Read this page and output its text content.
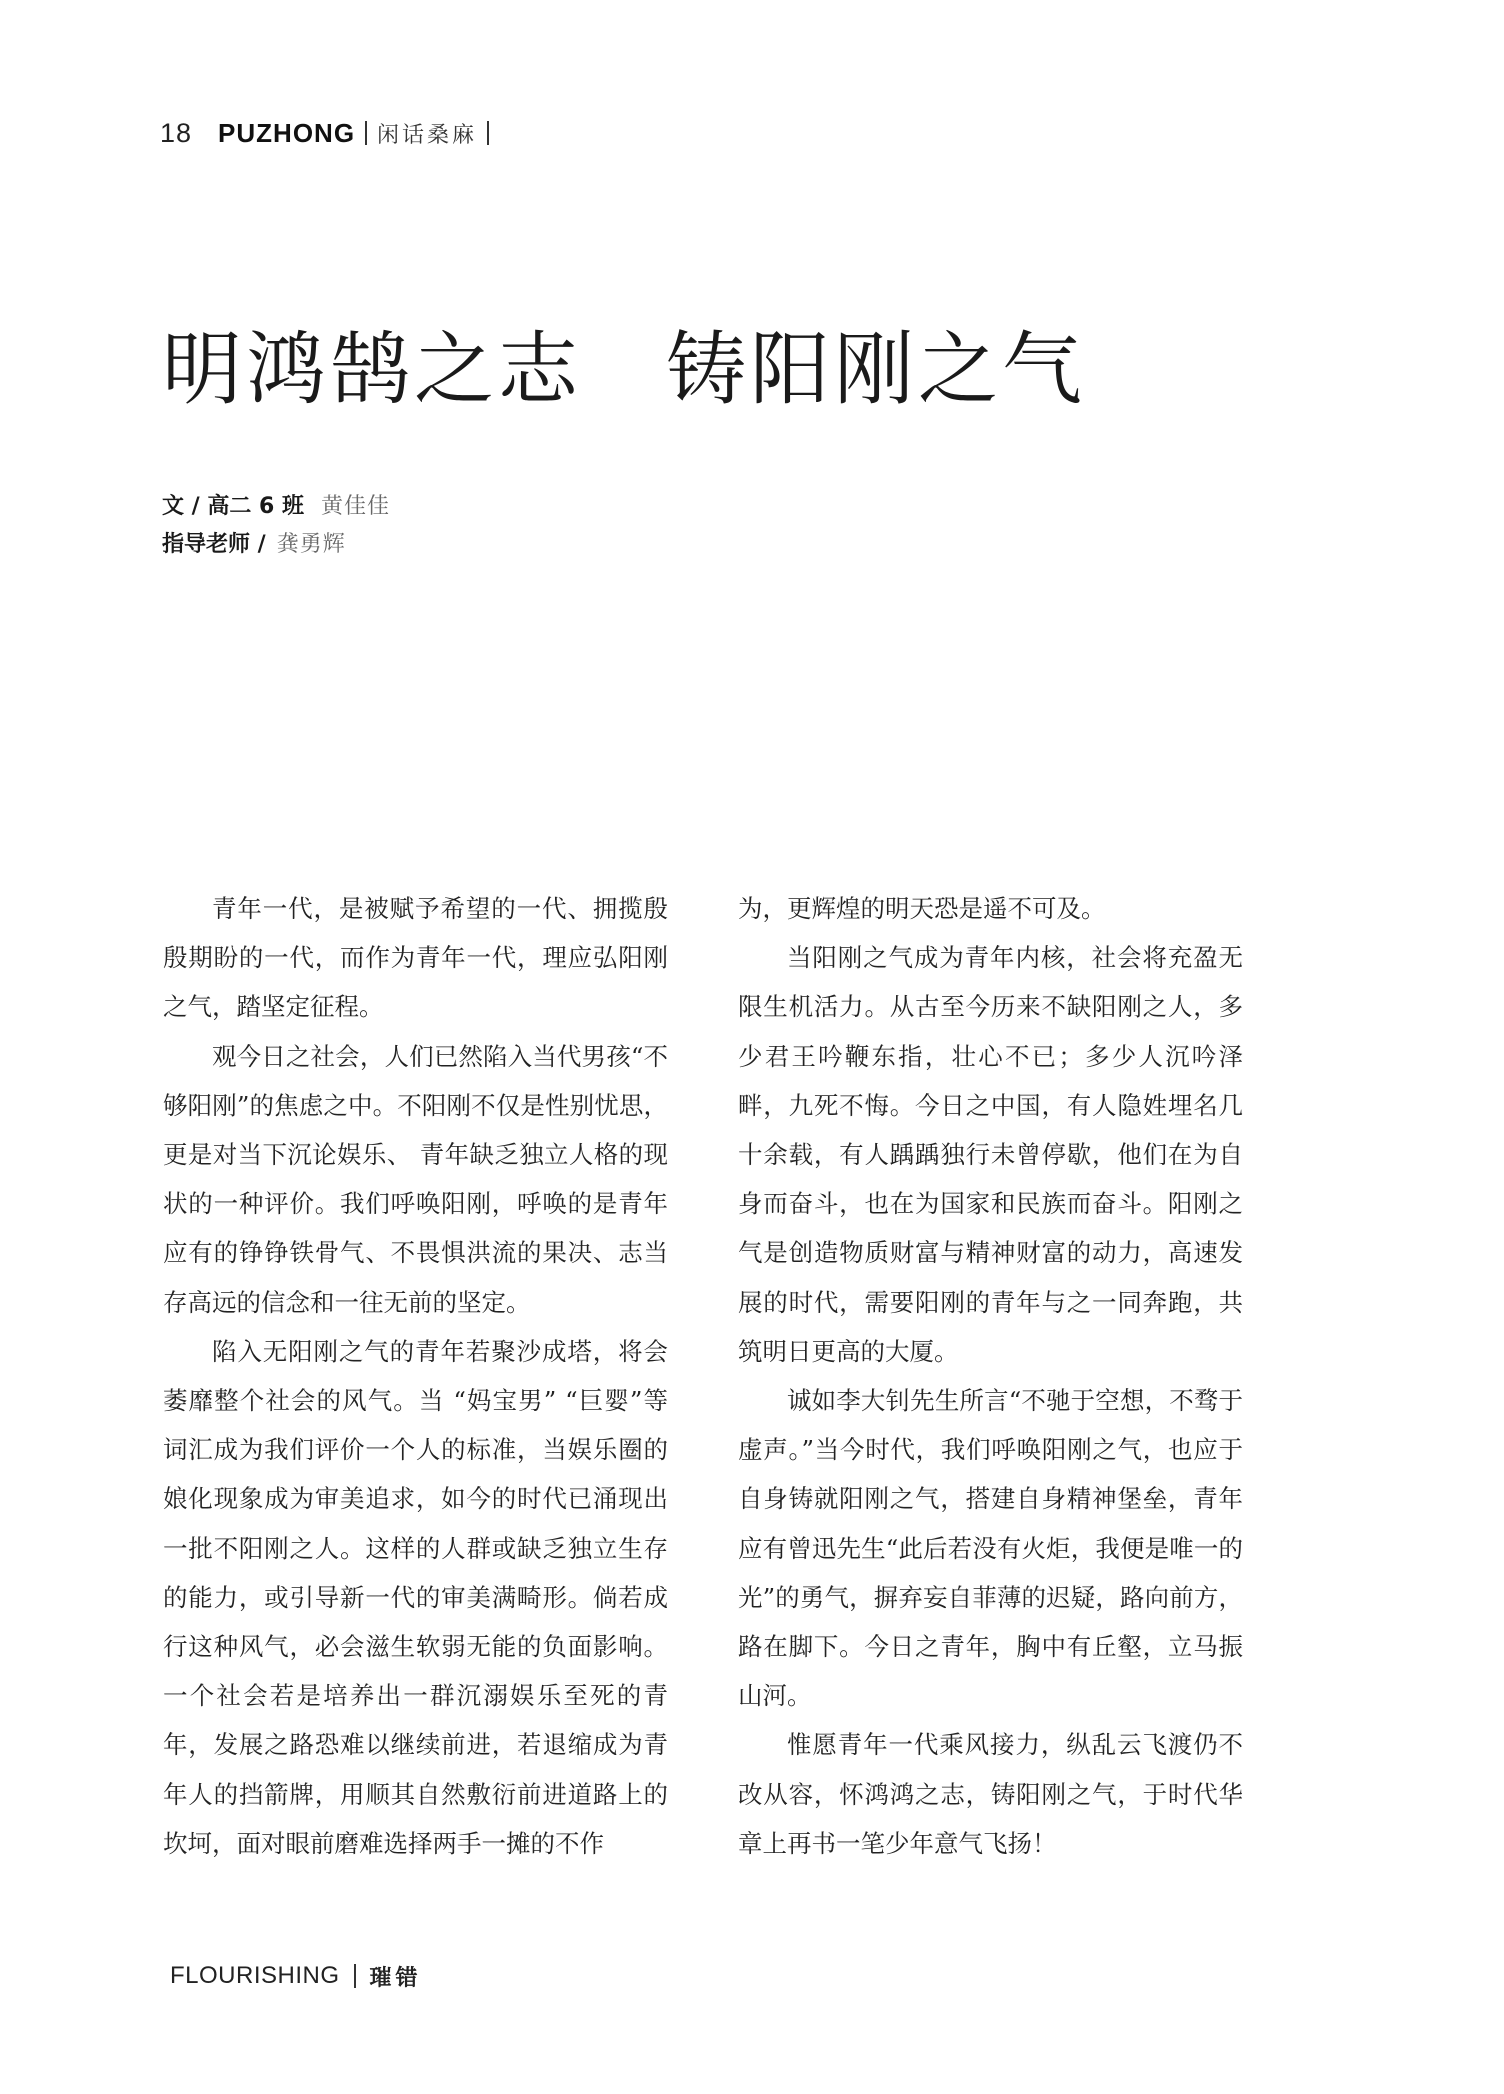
18 PUZHONG 闲话桑麻
明鸿鹄之志　铸阳刚之气
文 / 高二 6 班 黄佳佳
指导老师 / 龚勇辉

青年一代，是被赋予希望的一代、拥揽殷殷期盼的一代，而作为青年一代，理应弘阳刚之气，踏坚定征程。

观今日之社会，人们已然陷入当代男孩“不够阳刚”的焦虑之中。不阳刚不仅是性别忧思，更是对当下沉论娱乐、 青年缺乏独立人格的现状的一种评价。我们呼唤阳刚，呼唤的是青年应有的铮铮铁骨气、不畏惧洪流的果决、志当存高远的信念和一往无前的坚定。

陷入无阳刚之气的青年若聚沙成塔，将会萎靡整个社会的风气。当 “妈宝男” “巨婴”等词汇成为我们评价一个人的标准，当娱乐圈的娘化现象成为审美追求，如今的时代已涌现出一批不阳刚之人。这样的人群或缺乏独立生存的能力，或引导新一代的审美满畸形。倘若成行这种风气，必会滋生软弱无能的负面影响。一个社会若是培养出一群沉溺娱乐至死的青年，发展之路恐难以继续前进，若退缩成为青年人的挡箭牌，用顺其自然敷衍前进道路上的坎坷，面对眼前磨难选择两手一摊的不作

为，更辉煌的明天恐是遥不可及。

当阳刚之气成为青年内核，社会将充盈无限生机活力。从古至今历来不缺阳刚之人，多少君王吟鞭东指，壮心不已；多少人沉吟泽畔，九死不悔。今日之中国，有人隐姓埋名几十余载，有人踽踽独行未曾停歇，他们在为自身而奋斗，也在为国家和民族而奋斗。阳刚之气是创造物质财富与精神财富的动力，高速发展的时代，需要阳刚的青年与之一同奔跑，共筑明日更高的大厦。

诚如李大钊先生所言“不驰于空想，不骛于虚声。”当今时代，我们呼唤阳刚之气，也应于自身铸就阳刚之气，搭建自身精神堡垒，青年应有曾迅先生“此后若没有火炬，我便是唯一的光”的勇气，摒弃妄自菲薄的迟疑，路向前方，路在脚下。今日之青年，胸中有丘壑，立马振山河。

惟愿青年一代乘风接力，纵乱云飞渡仍不改从容，怀鸿鸿之志，铸阳刚之气，于时代华章上再书一笔少年意气飞扬！

FLOURISHING 璀错
